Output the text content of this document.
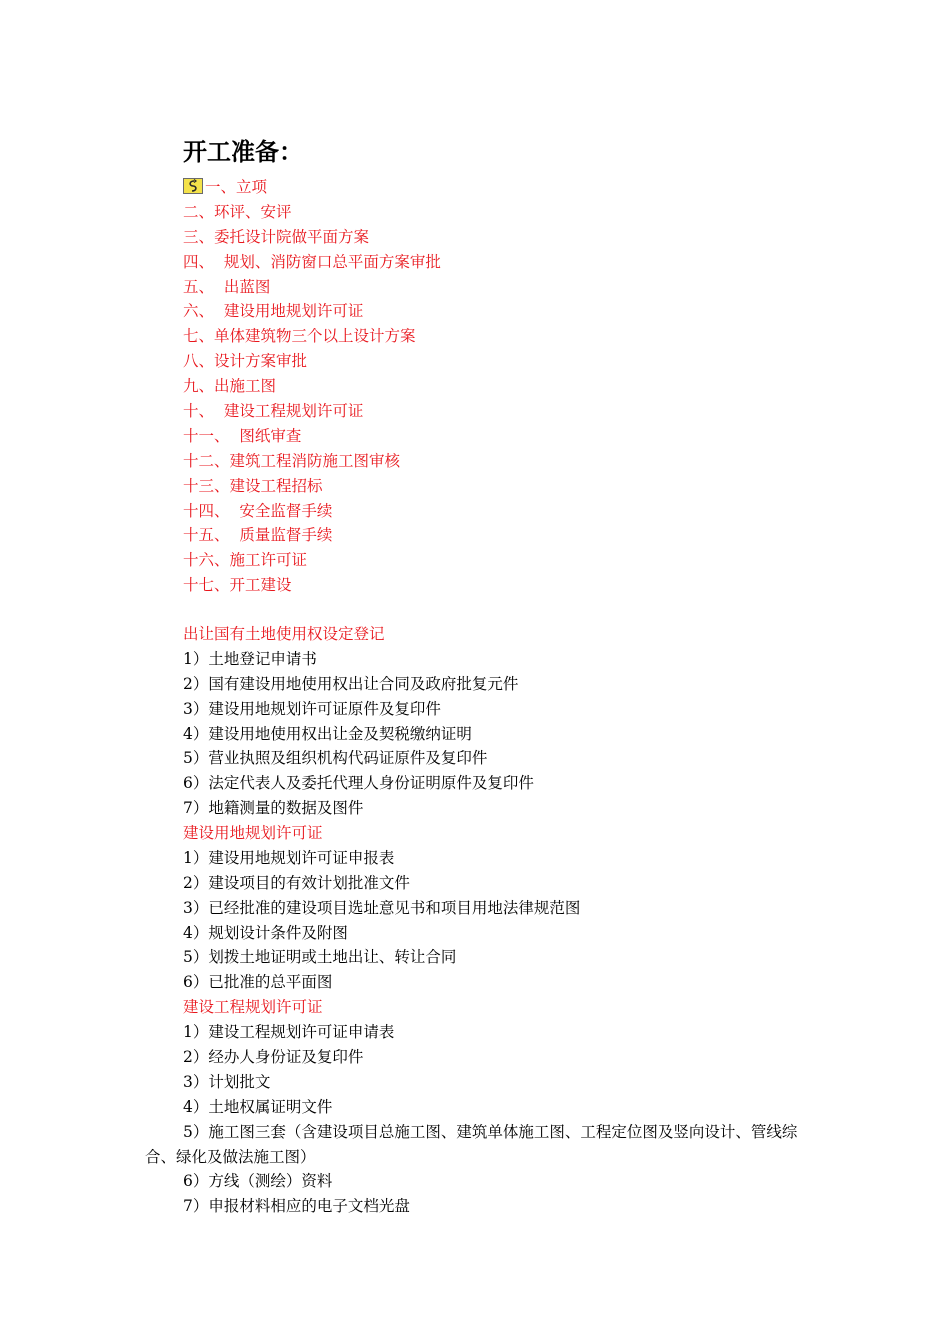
开工准备：
一、立项
二、环评、安评
三、委托设计院做平面方案
四、  规划、消防窗口总平面方案审批
五、  出蓝图
六、  建设用地规划许可证
七、单体建筑物三个以上设计方案
八、设计方案审批
九、出施工图
十、  建设工程规划许可证
十一、  图纸审查
十二、建筑工程消防施工图审核
十三、建设工程招标
十四、  安全监督手续
十五、  质量监督手续
十六、施工许可证
十七、开工建设
出让国有土地使用权设定登记
1）土地登记申请书
2）国有建设用地使用权出让合同及政府批复元件
3）建设用地规划许可证原件及复印件
4）建设用地使用权出让金及契税缴纳证明
5）营业执照及组织机构代码证原件及复印件
6）法定代表人及委托代理人身份证明原件及复印件
7）地籍测量的数据及图件
建设用地规划许可证
1）建设用地规划许可证申报表
2）建设项目的有效计划批准文件
3）已经批准的建设项目选址意见书和项目用地法律规范图
4）规划设计条件及附图
5）划拨土地证明或土地出让、转让合同
6）已批准的总平面图
建设工程规划许可证
1）建设工程规划许可证申请表
2）经办人身份证及复印件
3）计划批文
4）土地权属证明文件
5）施工图三套（含建设项目总施工图、建筑单体施工图、工程定位图及竖向设计、管线综合、绿化及做法施工图）
6）方线（测绘）资料
7）申报材料相应的电子文档光盘
